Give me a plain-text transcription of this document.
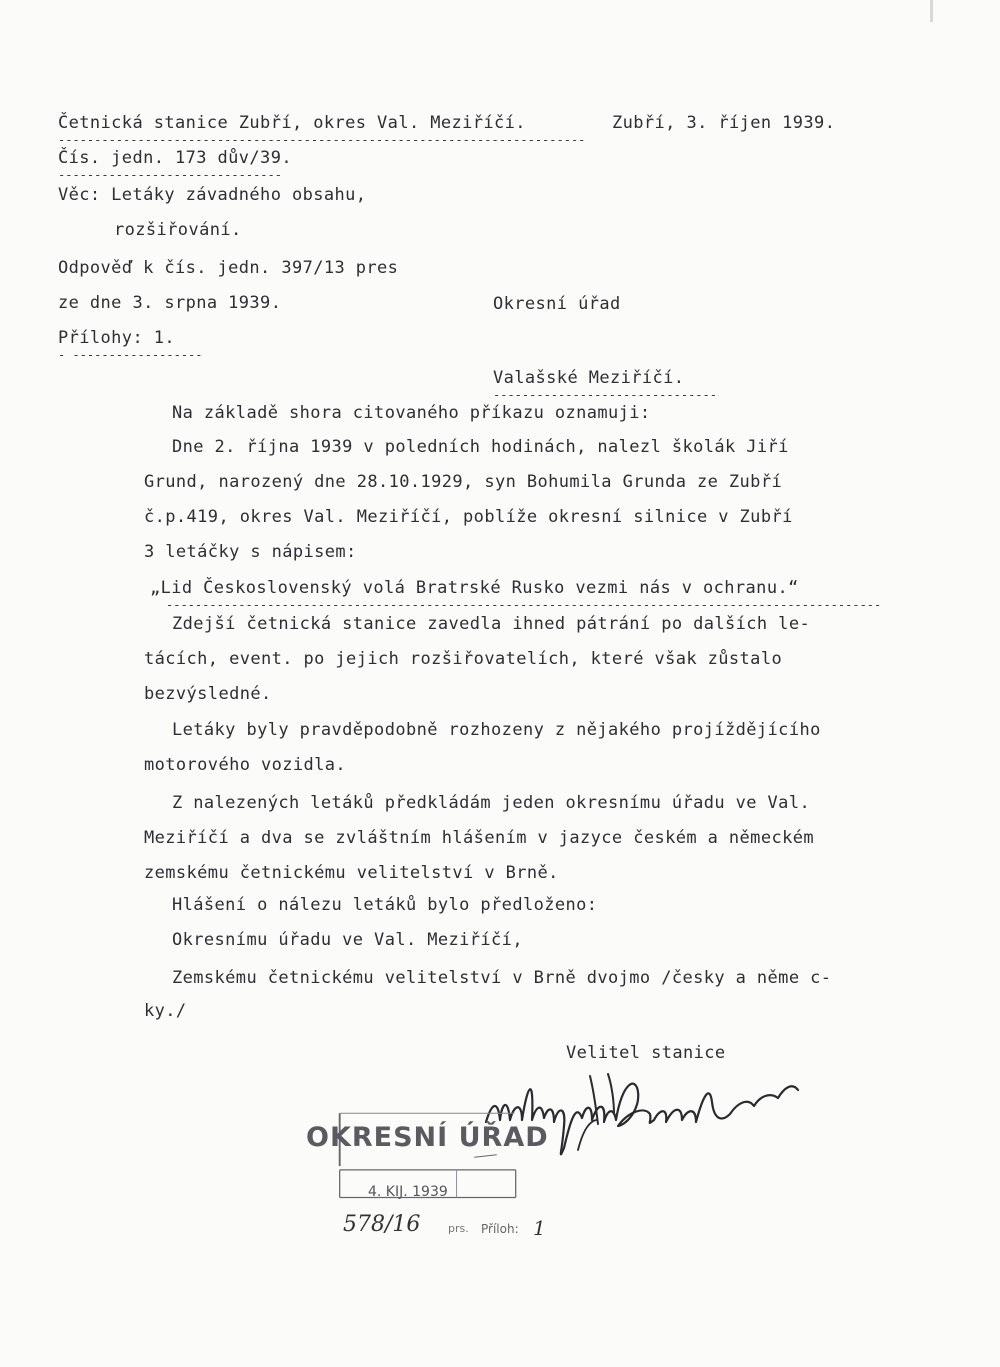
Četnická stanice Zubří, okres Val. Meziříčí.
-------------------------------------------------------------------------
Zubří, 3. říjen 1939.
Čís. jedn. 173 dův/39.
-------------------------------
Věc: Letáky závadného obsahu,
rozšiřování.
Odpověď k čís. jedn. 397/13 pres
ze dne 3. srpna 1939.
Přílohy: 1.
- ------------------
Okresní úřad
Valašské Meziříčí.
-------------------------------
Na základě shora citovaného příkazu oznamuji:
Dne 2. října 1939 v poledních hodinách, nalezl školák Jiří
Grund, narozený dne 28.10.1929, syn Bohumila Grunda ze Zubří
č.p.419, okres Val. Meziříčí, poblíže okresní silnice v Zubří
3 letáčky s nápisem:
„Lid Československý volá Bratrské Rusko vezmi nás v ochranu.“
---------------------------------------------------------------------------------------------------
Zdejší četnická stanice zavedla ihned pátrání po dalších le-
tácích, event. po jejich rozšiřovatelích, které však zůstalo
bezvýsledné.
Letáky byly pravděpodobně rozhozeny z nějakého projíždějícího
motorového vozidla.
Z nalezených letáků předkládám jeden okresnímu úřadu ve Val.
Meziříčí a dva se zvláštním hlášením v jazyce českém a německém
zemskému četnickému velitelství v Brně.
Hlášení o nálezu letáků bylo předloženo:
Okresnímu úřadu ve Val. Meziříčí,
Zemskému četnickému velitelství v Brně dvojmo /česky a něme c-
ky./
Velitel stanice
OKRESNÍ ÚŘAD
4. KIJ. 1939
578/16	prs. Příloh: 1
